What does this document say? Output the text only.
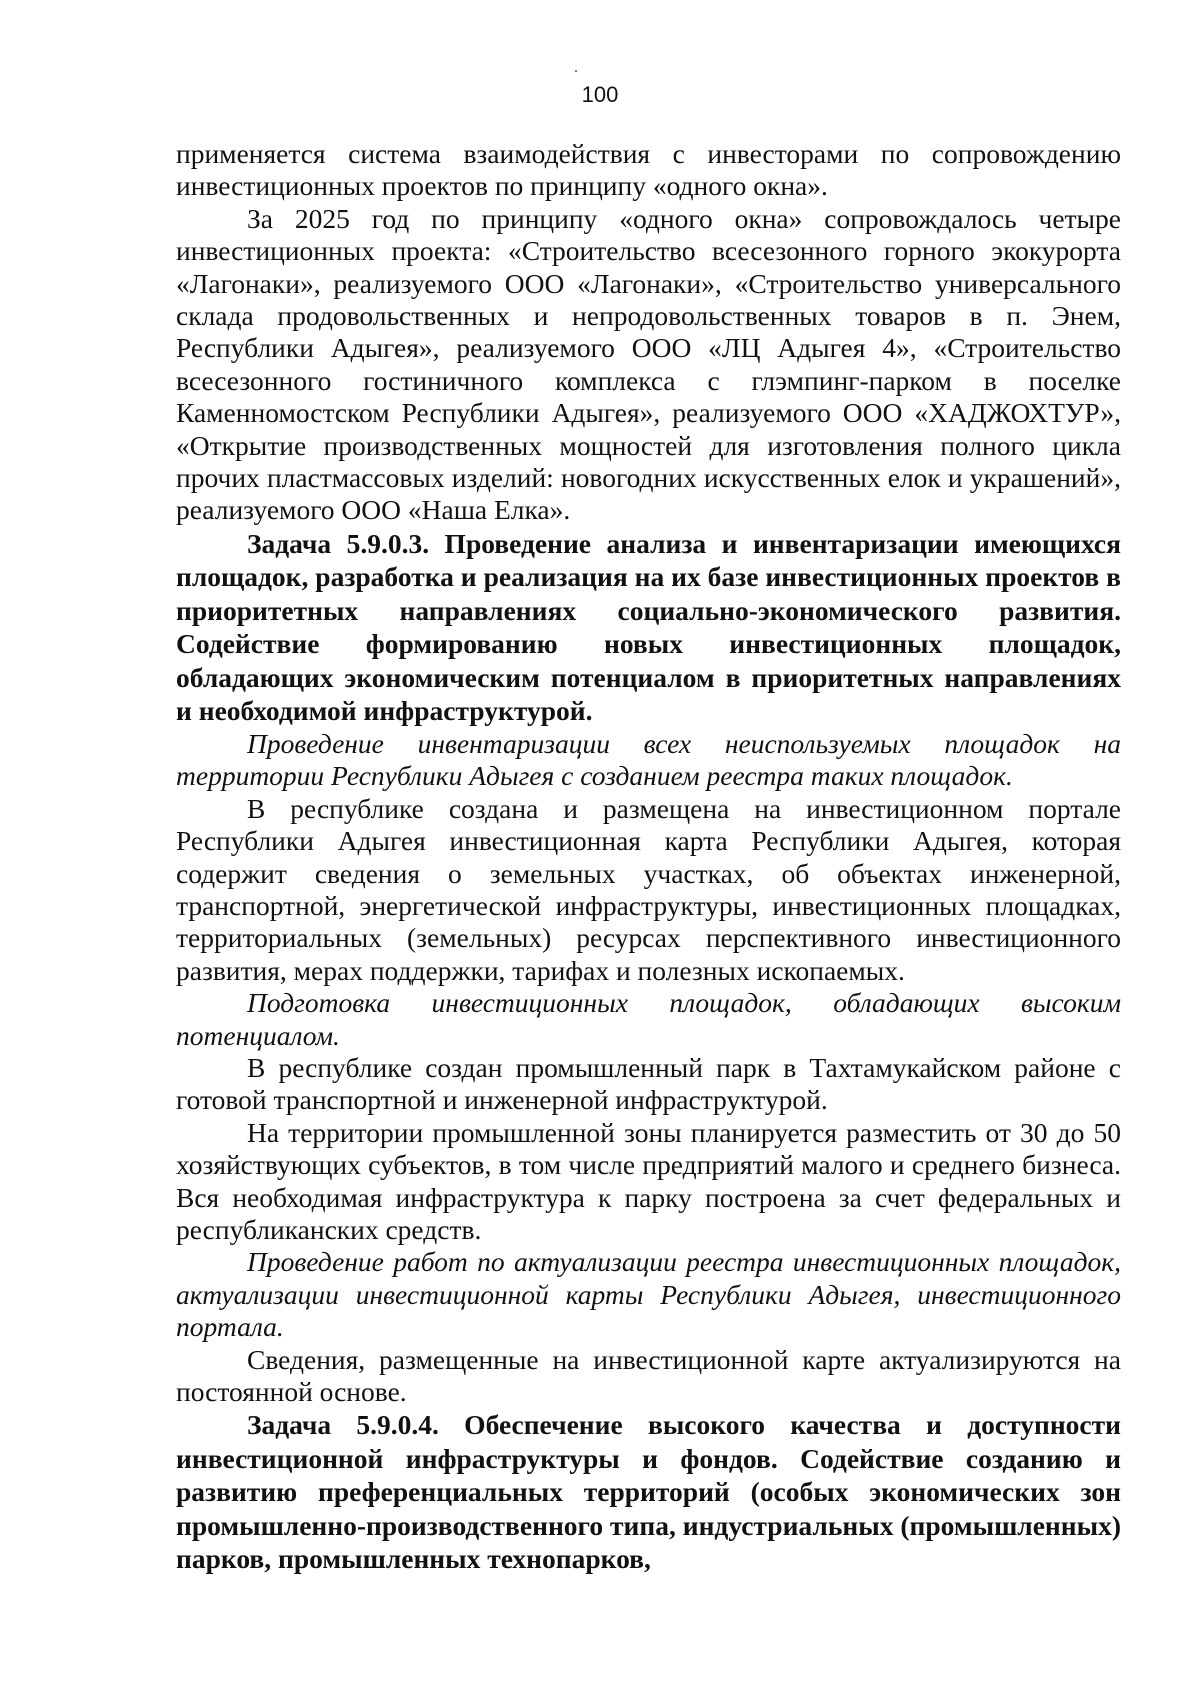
100

применяется система взаимодействия с инвесторами по сопровождению инвестиционных проектов по принципу «одного окна».

За 2025 год по принципу «одного окна» сопровождалось четыре инвестиционных проекта: «Строительство всесезонного горного экокурорта «Лагонаки», реализуемого ООО «Лагонаки», «Строительство универсального склада продовольственных и непродовольственных товаров в п. Энем, Республики Адыгея», реализуемого ООО «ЛЦ Адыгея 4», «Строительство всесезонного гостиничного комплекса с глэмпинг-парком в поселке Каменномостском Республики Адыгея», реализуемого ООО «ХАДЖОХТУР», «Открытие производственных мощностей для изготовления полного цикла прочих пластмассовых изделий: новогодних искусственных елок и украшений», реализуемого ООО «Наша Елка».

Задача 5.9.0.3. Проведение анализа и инвентаризации имеющихся площадок, разработка и реализация на их базе инвестиционных проектов в приоритетных направлениях социально-экономического развития. Содействие формированию новых инвестиционных площадок, обладающих экономическим потенциалом в приоритетных направлениях и необходимой инфраструктурой.

Проведение инвентаризации всех неиспользуемых площадок на территории Республики Адыгея с созданием реестра таких площадок.

В республике создана и размещена на инвестиционном портале Республики Адыгея инвестиционная карта Республики Адыгея, которая содержит сведения о земельных участках, об объектах инженерной, транспортной, энергетической инфраструктуры, инвестиционных площадках, территориальных (земельных) ресурсах перспективного инвестиционного развития, мерах поддержки, тарифах и полезных ископаемых.

Подготовка инвестиционных площадок, обладающих высоким потенциалом.

В республике создан промышленный парк в Тахтамукайском районе с готовой транспортной и инженерной инфраструктурой.

На территории промышленной зоны планируется разместить от 30 до 50 хозяйствующих субъектов, в том числе предприятий малого и среднего бизнеса. Вся необходимая инфраструктура к парку построена за счет федеральных и республиканских средств.

Проведение работ по актуализации реестра инвестиционных площадок, актуализации инвестиционной карты Республики Адыгея, инвестиционного портала.

Сведения, размещенные на инвестиционной карте актуализируются на постоянной основе.

Задача 5.9.0.4. Обеспечение высокого качества и доступности инвестиционной инфраструктуры и фондов. Содействие созданию и развитию преференциальных территорий (особых экономических зон промышленно-производственного типа, индустриальных (промышленных) парков, промышленных технопарков,
